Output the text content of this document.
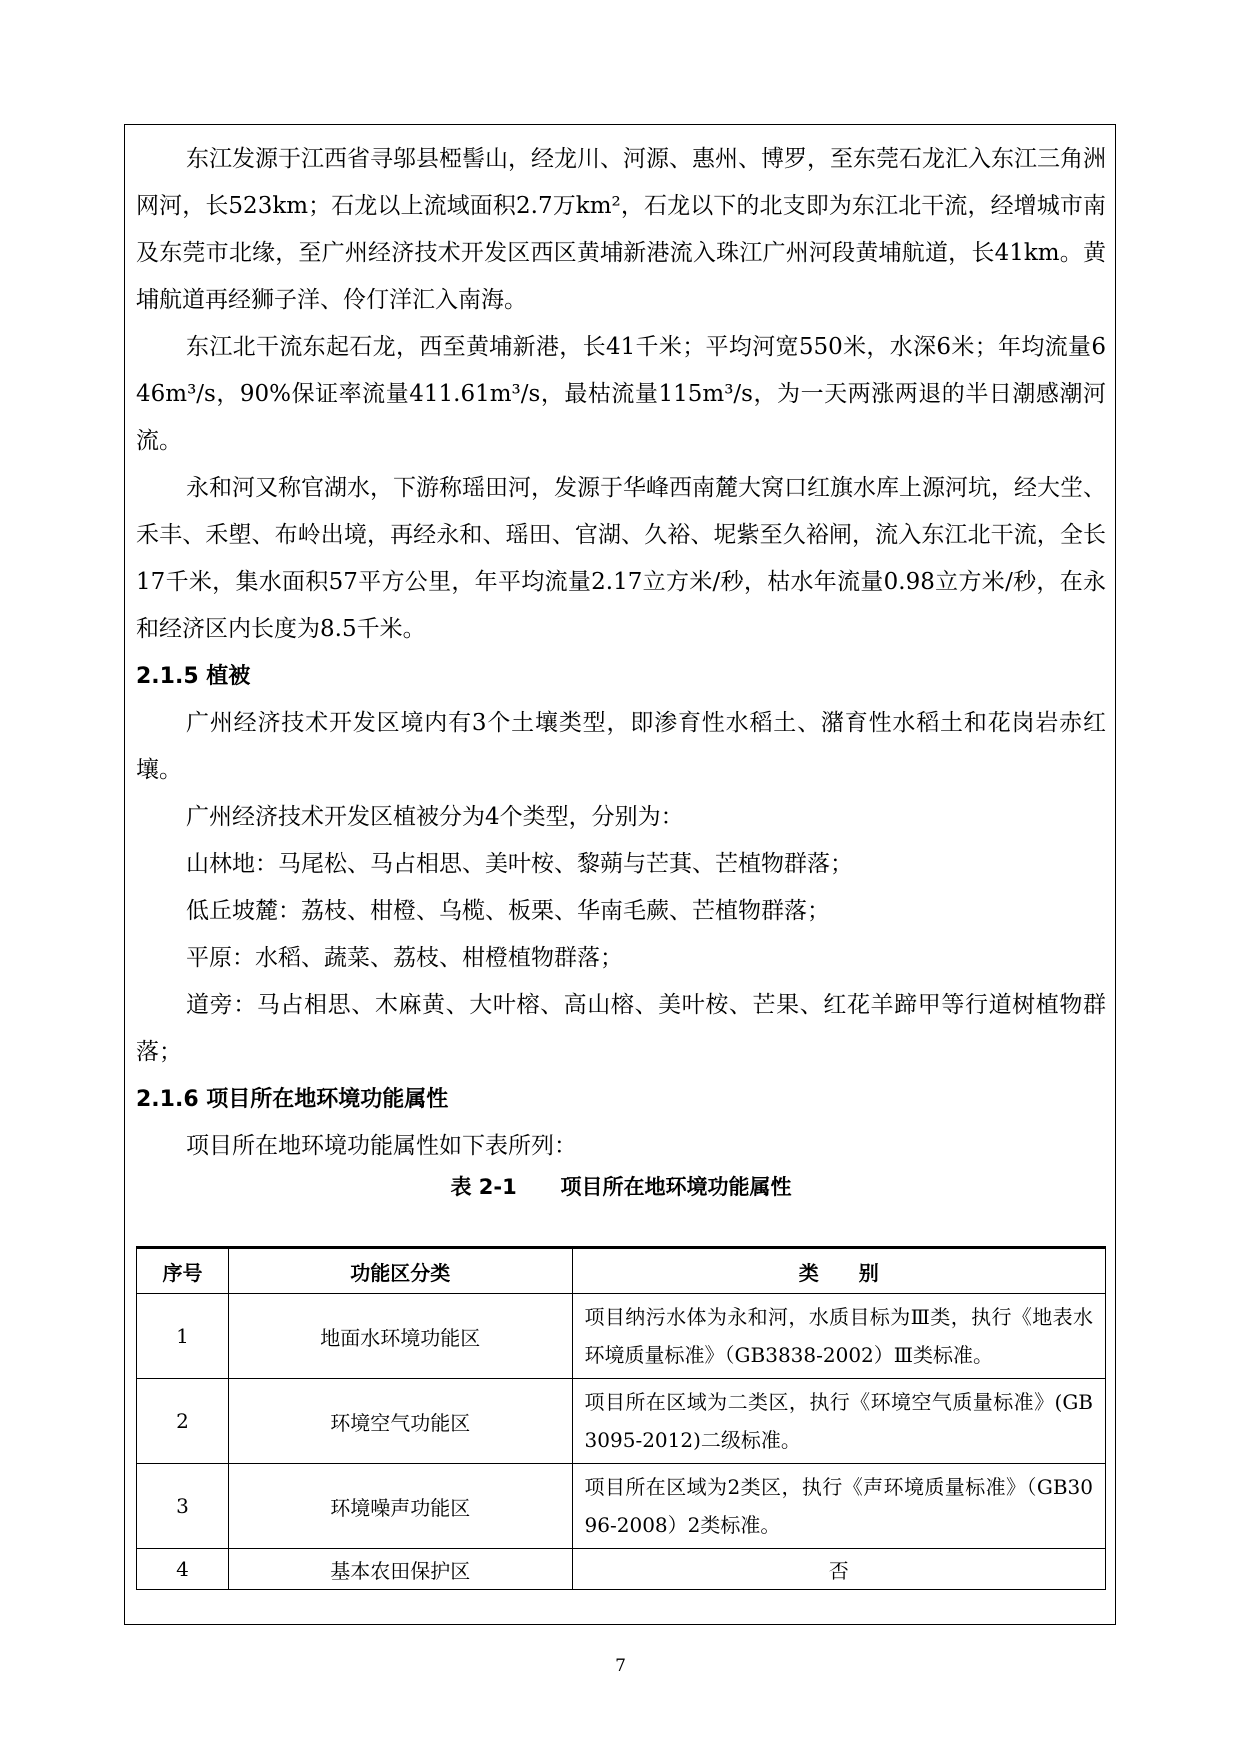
东江发源于江西省寻邬县椏髻山，经龙川、河源、惠州、博罗，至东莞石龙汇入东江三角洲网河，长523km；石龙以上流域面积2.7万km²，石龙以下的北支即为东江北干流，经增城市南及东莞市北缘，至广州经济技术开发区西区黄埔新港流入珠江广州河段黄埔航道，长41km。黄埔航道再经狮子洋、伶仃洋汇入南海。

东江北干流东起石龙，西至黄埔新港，长41千米；平均河宽550米，水深6米；年均流量646m³/s，90%保证率流量411.61m³/s，最枯流量115m³/s，为一天两涨两退的半日潮感潮河流。

永和河又称官湖水，下游称瑶田河，发源于华峰西南麓大窝口红旗水库上源河坑，经大坣、禾丰、禾塱、布岭出境，再经永和、瑶田、官湖、久裕、坭紫至久裕闸，流入东江北干流，全长17千米，集水面积57平方公里，年平均流量2.17立方米/秒，枯水年流量0.98立方米/秒，在永和经济区内长度为8.5千米。

2.1.5 植被

广州经济技术开发区境内有3个土壤类型，即渗育性水稻土、潴育性水稻土和花岗岩赤红壤。

广州经济技术开发区植被分为4个类型，分别为：

山林地：马尾松、马占相思、美叶桉、黎蒴与芒萁、芒植物群落；

低丘坡麓：荔枝、柑橙、乌榄、板栗、华南毛蕨、芒植物群落；

平原：水稻、蔬菜、荔枝、柑橙植物群落；

道旁：马占相思、木麻黄、大叶榕、高山榕、美叶桉、芒果、红花羊蹄甲等行道树植物群落；

2.1.6 项目所在地环境功能属性

项目所在地环境功能属性如下表所列：

表 2-1      项目所在地环境功能属性

序号	功能区分类	类　　别
1	地面水环境功能区	项目纳污水体为永和河，水质目标为Ⅲ类，执行《地表水环境质量标准》（GB3838-2002）Ⅲ类标准。
2	环境空气功能区	项目所在区域为二类区，执行《环境空气质量标准》(GB3095-2012)二级标准。
3	环境噪声功能区	项目所在区域为2类区，执行《声环境质量标准》（GB3096-2008）2类标准。
4	基本农田保护区	否
7
